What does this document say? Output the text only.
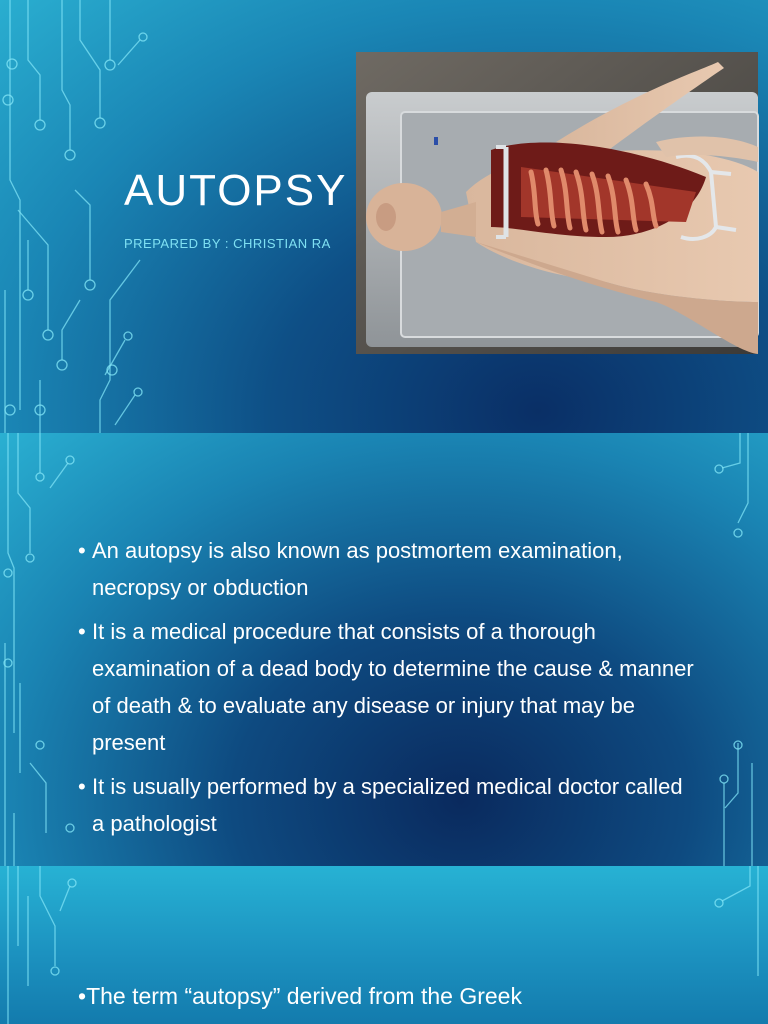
AUTOPSY
PREPARED BY : CHRISTIAN RA
• An autopsy is also known as postmortem examination, necropsy or obduction
• It is a medical procedure that consists of a thorough examination of a dead body to determine the cause & manner of death & to evaluate any disease or injury that may be present
• It is usually performed by a specialized medical doctor called a pathologist
•The term “autopsy” derived from the Greek
